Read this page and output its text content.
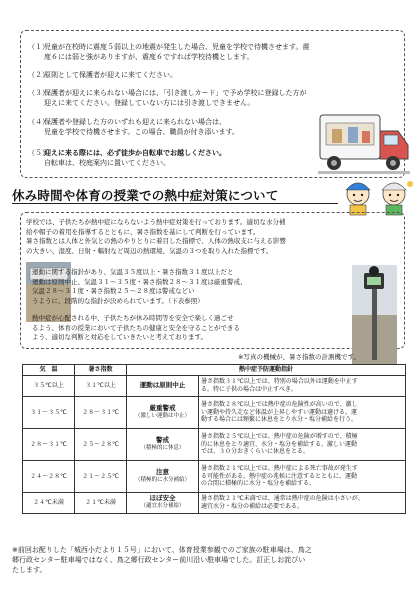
（１）
児童が在校時に震度５弱以上の地震が発生した場合、児童を学校で待機させます。震
度６には弱と強がありますが、震度６ですれば学校待機とします。
（２）
原則として保護者が迎えに来てください。
（３）
保護者が迎えに来られない場合には、「引き渡しカード」で予め学校に登録した方が
迎えに来てください。登録していない方には引き渡しできません。
（４）
保護者や登録した方のいずれも迎えに来られない場合は、
児童を学校で待機させます。この場合、職員が付き添います。
（５）
迎えに来る際には、必ず徒歩か自転車でお越しください。
自転車は、校庭案内に置いてください。
休み時間や体育の授業での熱中症対策について
学校では、子供たちが熱中症にならないよう熱中症対策を行っております。適切な水分補
給や帽子の着用を指導するとともに、暑さ指数を基にして判断を行っています。
暑さ指数とは人体と外気との熱のやりとりに着目した指標で、人体の熱収支に与える影響
の大きい、湿度、日射・輻射など周辺の熱環境、気温の３つを取り入れた指標です。
運動に関する指針があり、気温３５度以上・暑さ指数３１度以上だと
運動は原則中止、気温３１～３５度・暑さ指数２８～３１度は厳重警戒、
気温２８～３１度・暑さ指数２５～２８度は警戒などい
うように、段階的な指針が決められています。（下表参照）
熱中症が心配される中、子供たちが休み時間等を安全で楽しく過ごせ
るよう、体育の授業において子供たちの健康と安全を守ることができる
よう、適切な判断と対応をしていきたいと考えております。
※写真の機械が、暑さ指数の計測機です。
気　温	暑さ指数	熱中症予防運動指針	
３５℃以上	３１℃以上	運動は原則中止	暑さ指数３１℃以上では、特別の場合以外は運動を中止す
る。特に子供の場合は中止すべき。

３１～３５℃	２８～３１℃	厳重警戒
（激しい運動は中止）	暑さ指数２８℃以上では熱中症の危険性が高いので、激し
い運動や持久走など体温が上昇しやすい運動は避ける。運
動する場合には頻繁に休息をとり水分・塩分補給を行う。

２８～３１℃	２５～２８℃	警戒
（積極的に休息）	暑さ指数２５℃以上では、熱中症の危険が増すので、積極
的に休息をとり適宜、水分・塩分を補給する。激しい運動
では、３０分おきくらいに休息をとる。

２４～２８℃	２１～２５℃	注意
（積極的に水分補給）	暑さ指数２１℃以上では、熱中症による死亡事故が発生す
る可能性がある。熱中症の兆候に注意するとともに、運動
の合間に積極的に水分・塩分を補給する。

２４℃未満	２１℃未満	ほぼ安全
（適宜水分補給）	暑さ指数２１℃未満では、通常は熱中症の危険は小さいが、
適宜水分・塩分の補給は必要である。
※前回お配りした「城西小だより１５号」において、体育授業参観でのご家族の駐車場は、鳥之
郷行政センター駐車場ではなく、鳥之郷行政センター前川沿い駐車場でした。訂正しお詫びい
たします。
